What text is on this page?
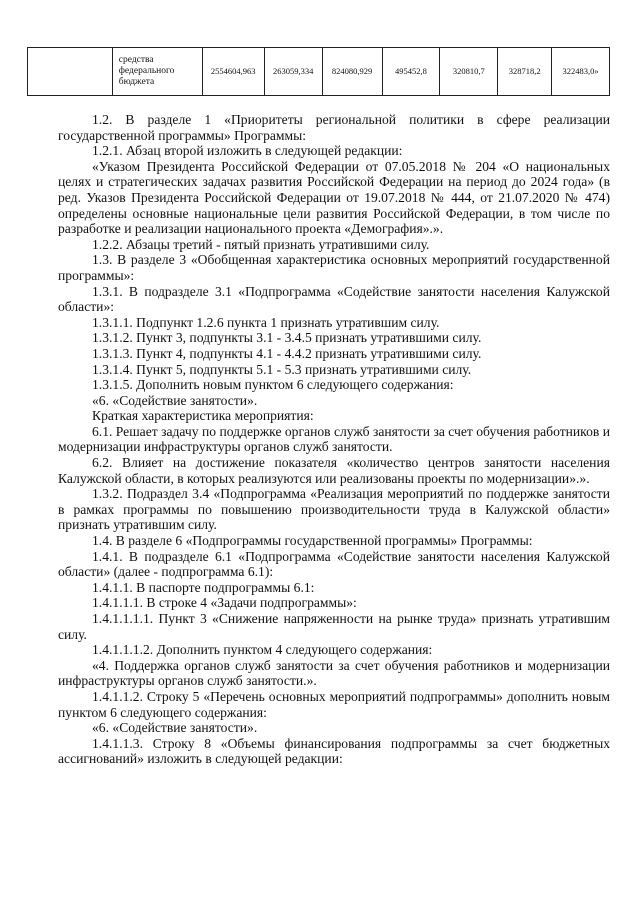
	средства федерального бюджета	2554604,963	263059,334	824080,929	495452,8	320810,7	328718,2	322483,0»

1.2. В разделе 1 «Приоритеты региональной политики в сфере реализации государственной программы» Программы:

1.2.1. Абзац второй изложить в следующей редакции:

«Указом Президента Российской Федерации от 07.05.2018 № 204 «О национальных целях и стратегических задачах развития Российской Федерации на период до 2024 года» (в ред. Указов Президента Российской Федерации от 19.07.2018 № 444, от 21.07.2020 № 474) определены основные национальные цели развития Российской Федерации, в том числе по разработке и реализации национального проекта «Демография».».

1.2.2. Абзацы третий - пятый признать утратившими силу.

1.3. В разделе 3 «Обобщенная характеристика основных мероприятий государственной программы»:

1.3.1. В подразделе 3.1 «Подпрограмма «Содействие занятости населения Калужской области»:

1.3.1.1. Подпункт 1.2.6 пункта 1 признать утратившим силу.

1.3.1.2. Пункт 3, подпункты 3.1 - 3.4.5 признать утратившими силу.

1.3.1.3. Пункт 4, подпункты 4.1 - 4.4.2 признать утратившими силу.

1.3.1.4. Пункт 5, подпункты 5.1 - 5.3 признать утратившими силу.

1.3.1.5. Дополнить новым пунктом 6 следующего содержания:

«6. «Содействие занятости».

Краткая характеристика мероприятия:

6.1. Решает задачу по поддержке органов служб занятости за счет обучения работников и модернизации инфраструктуры органов служб занятости.

6.2. Влияет на достижение показателя «количество центров занятости населения Калужской области, в которых реализуются или реализованы проекты по модернизации».».

1.3.2. Подраздел 3.4 «Подпрограмма «Реализация мероприятий по поддержке занятости в рамках программы по повышению производительности труда в Калужской области» признать утратившим силу.

1.4. В разделе 6 «Подпрограммы государственной программы» Программы:

1.4.1. В подразделе 6.1 «Подпрограмма «Содействие занятости населения Калужской области» (далее - подпрограмма 6.1):

1.4.1.1. В паспорте подпрограммы 6.1:

1.4.1.1.1. В строке 4 «Задачи подпрограммы»:

1.4.1.1.1.1. Пункт 3 «Снижение напряженности на рынке труда» признать утратившим силу.

1.4.1.1.1.2. Дополнить пунктом 4 следующего содержания:

«4. Поддержка органов служб занятости за счет обучения работников и модернизации инфраструктуры органов служб занятости.».

1.4.1.1.2. Строку 5 «Перечень основных мероприятий подпрограммы» дополнить новым пунктом 6 следующего содержания:

«6. «Содействие занятости».

1.4.1.1.3. Строку 8 «Объемы финансирования подпрограммы за счет бюджетных ассигнований» изложить в следующей редакции:
